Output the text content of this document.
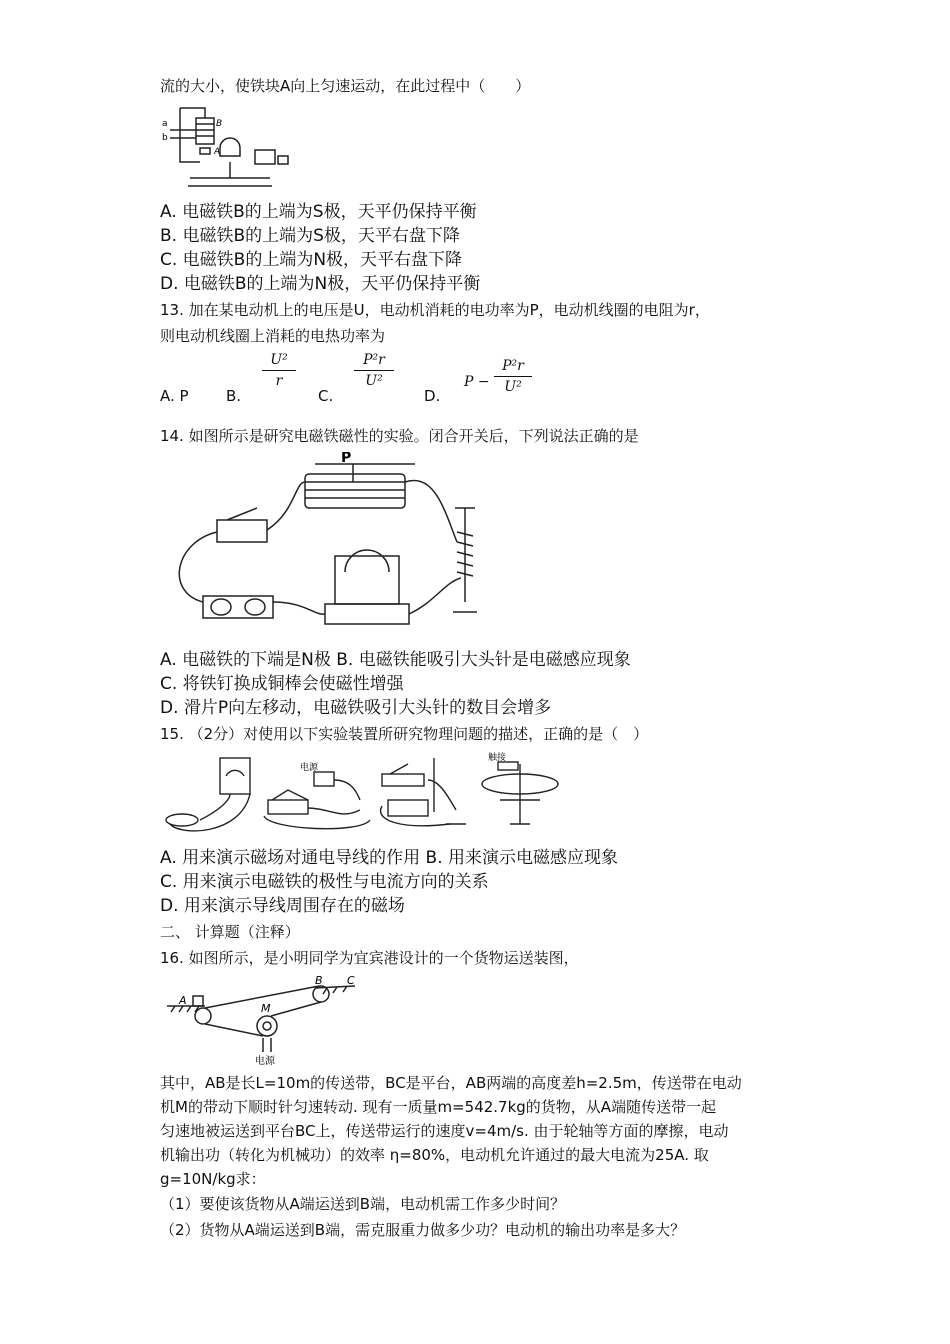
流的大小，使铁块A向上匀速运动，在此过程中（　　）
a
b
B
A
A. 电磁铁B的上端为S极，天平仍保持平衡
B. 电磁铁B的上端为S极，天平右盘下降
C. 电磁铁B的上端为N极，天平右盘下降
D. 电磁铁B的上端为N极，天平仍保持平衡
13. 加在某电动机上的电压是U，电动机消耗的电功率为P，电动机线圈的电阻为r，
则电动机线圈上消耗的电热功率为
A. P B.
U²
r
C.
P²r
U²
D.
P −
P²r
U²
14. 如图所示是研究电磁铁磁性的实验。闭合开关后，下列说法正确的是
P
A. 电磁铁的下端是N极 B. 电磁铁能吸引大头针是电磁感应现象
C. 将铁钉换成铜棒会使磁性增强
D. 滑片P向左移动，电磁铁吸引大头针的数目会增多
15. （2分）对使用以下实验装置所研究物理问题的描述，正确的是（　）
电源
触接
A. 用来演示磁场对通电导线的作用 B. 用来演示电磁感应现象
C. 用来演示电磁铁的极性与电流方向的关系
D. 用来演示导线周围存在的磁场
二、 计算题（注释）
16. 如图所示，是小明同学为宜宾港设计的一个货物运送装图，
A
B C
M
电源
其中，AB是长L=10m的传送带，BC是平台，AB两端的高度差h=2.5m，传送带在电动
机M的带动下顺时针匀速转动. 现有一质量m=542.7kg的货物，从A端随传送带一起
匀速地被运送到平台BC上，传送带运行的速度v=4m/s. 由于轮轴等方面的摩擦，电动
机输出功（转化为机械功）的效率 η=80%，电动机允许通过的最大电流为25A. 取
g=10N/kg求：
（1）要使该货物从A端运送到B端，电动机需工作多少时间？
（2）货物从A端运送到B端，需克服重力做多少功？电动机的输出功率是多大？
